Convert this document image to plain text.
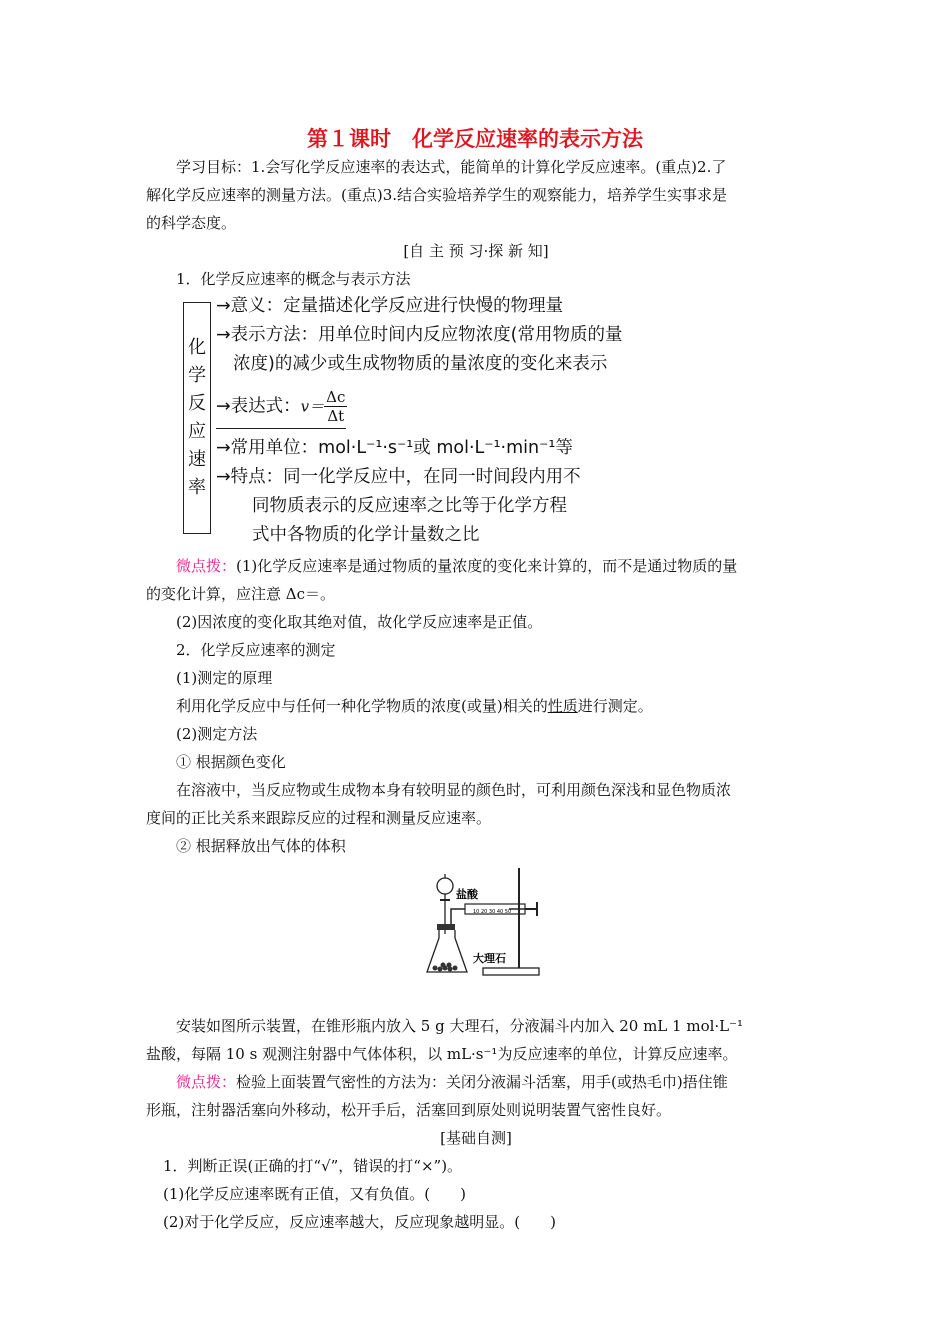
第１课时　化学反应速率的表示方法
学习目标：1.会写化学反应速率的表达式，能简单的计算化学反应速率。(重点)2.了
解化学反应速率的测量方法。(重点)3.结合实验培养学生的观察能力，培养学生实事求是
的科学态度。
[自 主 预 习·探 新 知]
1．化学反应速率的概念与表示方法
化
学
反
应
速
率
→意义：定量描述化学反应进行快慢的物理量
→表示方法：用单位时间内反应物浓度(常用物质的量
浓度)的减少或生成物物质的量浓度的变化来表示
→表达式：$v= \frac{\Delta c}{\Delta t}$
→常用单位：mol·L⁻¹·s⁻¹或 mol·L⁻¹·min⁻¹等
→特点：同一化学反应中，在同一时间段内用不
同物质表示的反应速率之比等于化学方程
式中各物质的化学计量数之比
微点拨：(1)化学反应速率是通过物质的量浓度的变化来计算的，而不是通过物质的量
的变化计算，应注意 Δc＝。
(2)因浓度的变化取其绝对值，故化学反应速率是正值。
2．化学反应速率的测定
(1)测定的原理
利用化学反应中与任何一种化学物质的浓度(或量)相关的性质进行测定。
(2)测定方法
① 根据颜色变化
在溶液中，当反应物或生成物本身有较明显的颜色时，可利用颜色深浅和显色物质浓
度间的正比关系来跟踪反应的过程和测量反应速率。
② 根据释放出气体的体积
10 20 30 40 50
盐酸
大理石
安装如图所示装置，在锥形瓶内放入 5 g 大理石，分液漏斗内加入 20 mL 1 mol·L⁻¹
盐酸，每隔 10 s 观测注射器中气体体积，以 mL·s⁻¹为反应速率的单位，计算反应速率。
微点拨：检验上面装置气密性的方法为：关闭分液漏斗活塞，用手(或热毛巾)捂住锥
形瓶，注射器活塞向外移动，松开手后，活塞回到原处则说明装置气密性良好。
[基础自测]
1．判断正误(正确的打“√”，错误的打“×”)。
(1)化学反应速率既有正值，又有负值。(　　)
(2)对于化学反应，反应速率越大，反应现象越明显。(　　)
